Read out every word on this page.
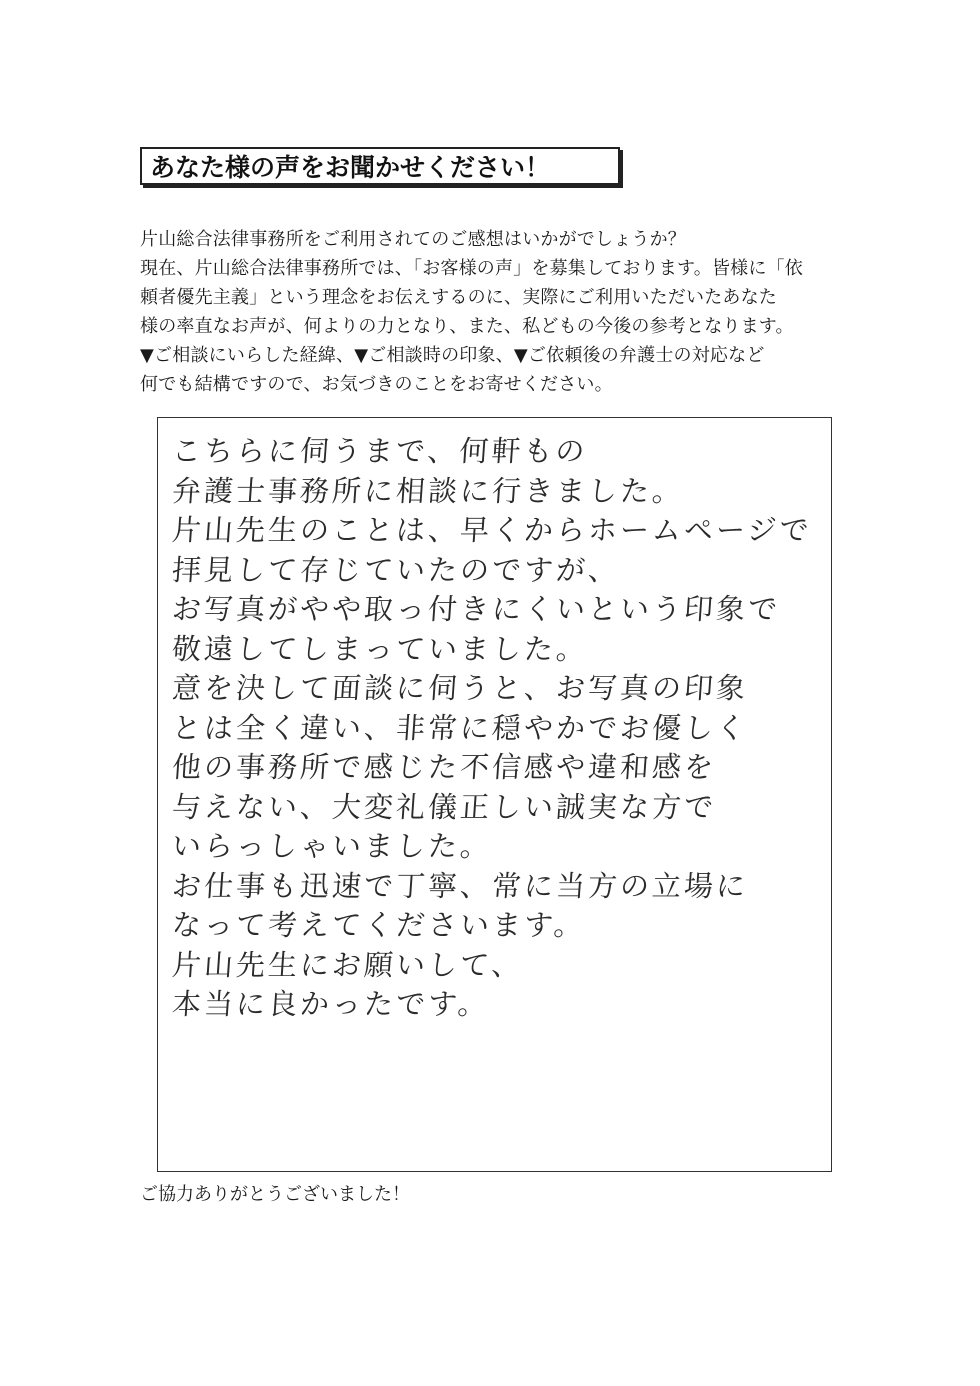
あなた様の声をお聞かせください！
片山総合法律事務所をご利用されてのご感想はいかがでしょうか？
現在、片山総合法律事務所では、「お客様の声」を募集しております。皆様に「依
頼者優先主義」という理念をお伝えするのに、実際にご利用いただいたあなた
様の率直なお声が、何よりの力となり、また、私どもの今後の参考となります。
▼ご相談にいらした経緯、▼ご相談時の印象、▼ご依頼後の弁護士の対応など
何でも結構ですので、お気づきのことをお寄せください。
こちらに伺うまで、何軒もの
弁護士事務所に相談に行きました。
片山先生のことは、早くからホームページで
拝見して存じていたのですが、
お写真がやや取っ付きにくいという印象で
敬遠してしまっていました。
意を決して面談に伺うと、お写真の印象
とは全く違い、非常に穏やかでお優しく
他の事務所で感じた不信感や違和感を
与えない、大変礼儀正しい誠実な方で
いらっしゃいました。
お仕事も迅速で丁寧、常に当方の立場に
なって考えてくださいます。
片山先生にお願いして、
本当に良かったです。
ご協力ありがとうございました！
